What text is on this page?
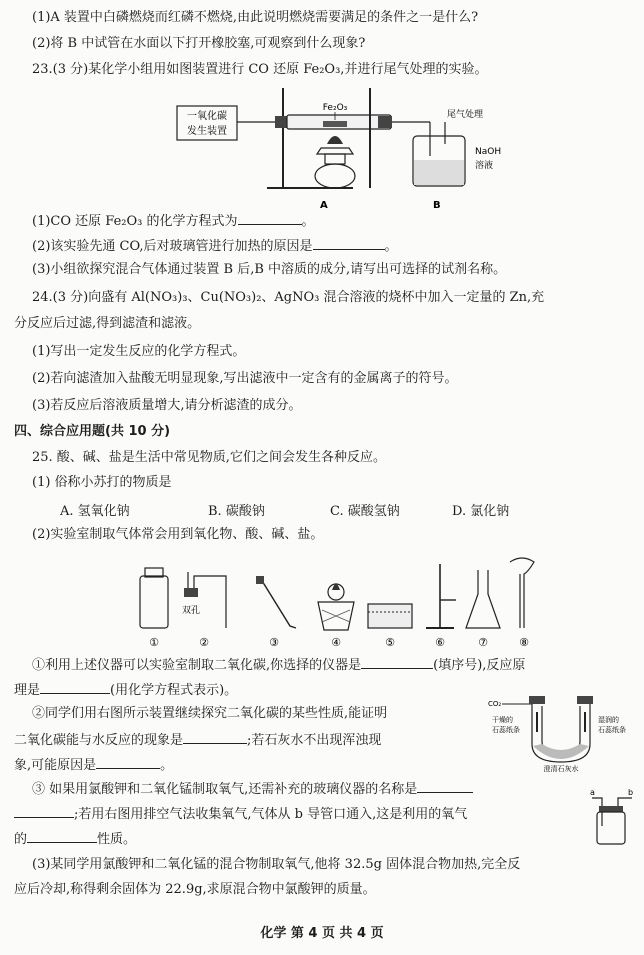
(1)A 装置中白磷燃烧而红磷不燃烧,由此说明燃烧需要满足的条件之一是什么?
(2)将 B 中试管在水面以下打开橡胶塞,可观察到什么现象?
23.(3 分)某化学小组用如图装置进行 CO 还原 Fe₂O₃,并进行尾气处理的实验。
一氧化碳
发生装置
Fe₂O₃
尾气处理
NaOH
溶液
A	B
(1)CO 还原 Fe₂O₃ 的化学方程式为	。
(2)该实验先通 CO,后对玻璃管进行加热的原因是	。
(3)小组欲探究混合气体通过装置 B 后,B 中溶质的成分,请写出可选择的试剂名称。
24.(3 分)向盛有 Al(NO₃)₃、Cu(NO₃)₂、AgNO₃ 混合溶液的烧杯中加入一定量的 Zn,充
分反应后过滤,得到滤渣和滤液。
(1)写出一定发生反应的化学方程式。
(2)若向滤渣加入盐酸无明显现象,写出滤液中一定含有的金属离子的符号。
(3)若反应后溶液质量增大,请分析滤渣的成分。
四、综合应用题(共 10 分)
25. 酸、碱、盐是生活中常见物质,它们之间会发生各种反应。
(1) 俗称小苏打的物质是
A. 氢氧化钠	B. 碳酸钠	C. 碳酸氢钠	D. 氯化钠
(2)实验室制取气体常会用到氧化物、酸、碱、盐。
双孔
①	②	③	④	⑤	⑥	⑦	⑧
①利用上述仪器可以实验室制取二氧化碳,你选择的仪器是	(填序号),反应原
理是	(用化学方程式表示)。
②同学们用右图所示装置继续探究二氧化碳的某些性质,能证明
二氧化碳能与水反应的现象是	;若石灰水不出现浑浊现
象,可能原因是	。
CO₂
干燥的
石蕊纸条
湿润的
石蕊纸条
澄清石灰水
③ 如果用氯酸钾和二氧化锰制取氧气,还需补充的玻璃仪器的名称是
;若用右图用排空气法收集氧气,气体从 b 导管口通入,这是利用的氧气
的	性质。
a	b
(3)某同学用氯酸钾和二氧化锰的混合物制取氧气,他将 32.5g 固体混合物加热,完全反
应后冷却,称得剩余固体为 22.9g,求原混合物中氯酸钾的质量。
化学 第 4 页 共 4 页
